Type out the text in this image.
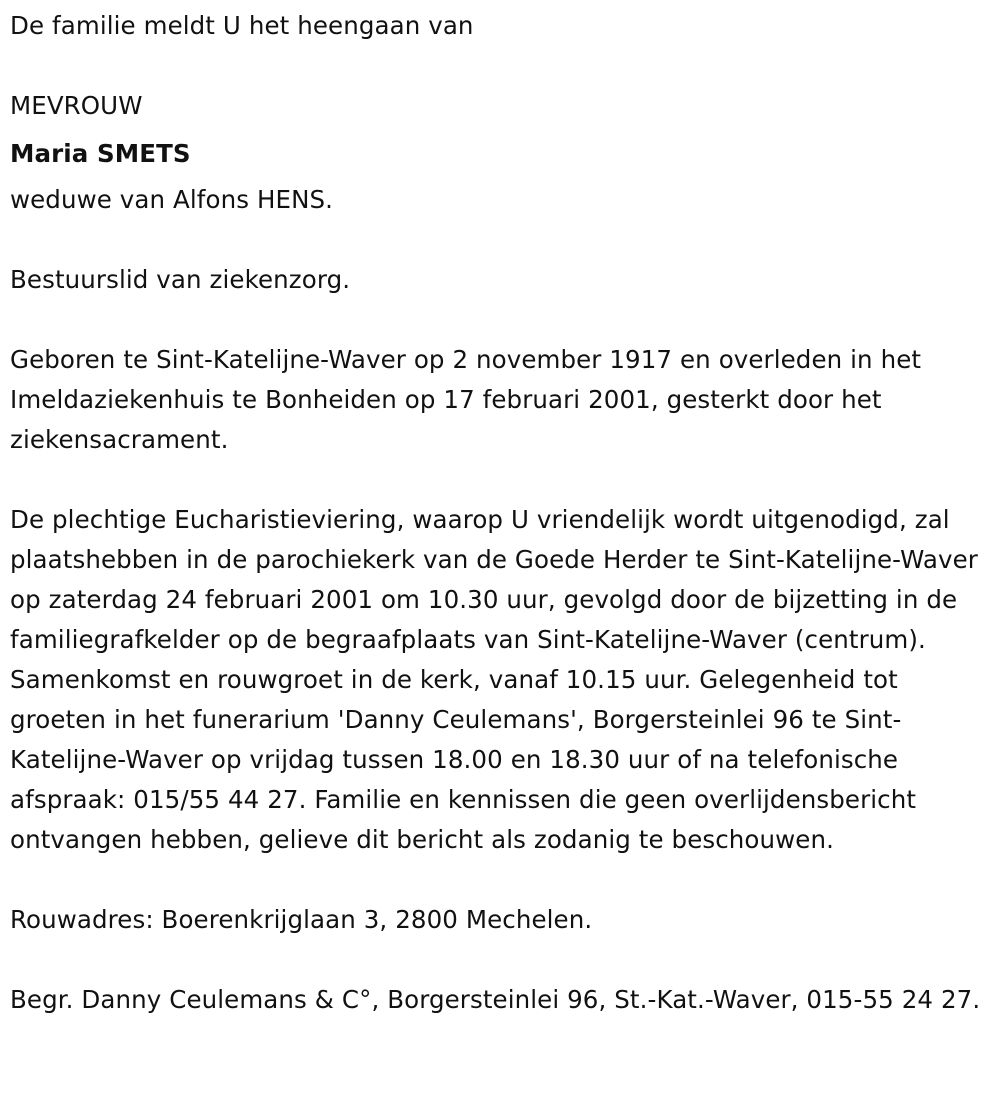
De familie meldt U het heengaan van

MEVROUW

Maria SMETS

weduwe van Alfons HENS.

Bestuurslid van ziekenzorg.

Geboren te Sint-Katelijne-Waver op 2 november 1917 en overleden in het Imeldaziekenhuis te Bonheiden op 17 februari 2001, gesterkt door het ziekensacrament.

De plechtige Eucharistieviering, waarop U vriendelijk wordt uitgenodigd, zal plaatshebben in de parochiekerk van de Goede Herder te Sint-Katelijne-Waver op zaterdag 24 februari 2001 om 10.30 uur, gevolgd door de bijzetting in de familiegrafkelder op de begraafplaats van Sint-Katelijne-Waver (centrum). Samenkomst en rouwgroet in de kerk, vanaf 10.15 uur. Gelegenheid tot groeten in het funerarium 'Danny Ceulemans', Borgersteinlei 96 te Sint-Katelijne-Waver op vrijdag tussen 18.00 en 18.30 uur of na telefonische afspraak: 015/55 44 27. Familie en kennissen die geen overlijdensbericht ontvangen hebben, gelieve dit bericht als zodanig te beschouwen.

Rouwadres: Boerenkrijglaan 3, 2800 Mechelen.

Begr. Danny Ceulemans & C°, Borgersteinlei 96, St.-Kat.-Waver, 015-55 24 27.
